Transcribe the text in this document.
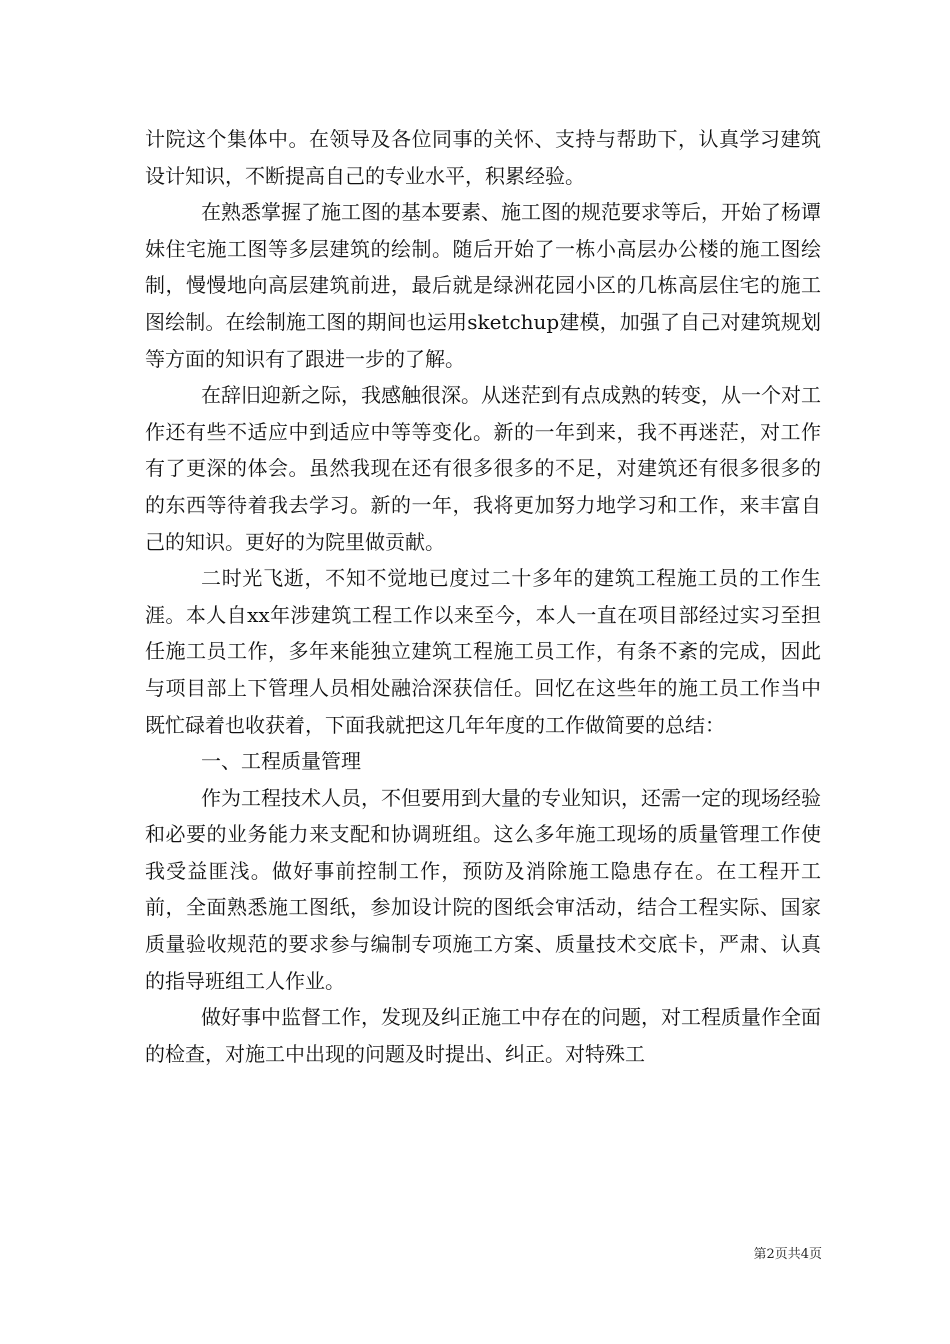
计院这个集体中。在领导及各位同事的关怀、支持与帮助下，认真学习建筑设计知识，不断提高自己的专业水平，积累经验。

在熟悉掌握了施工图的基本要素、施工图的规范要求等后，开始了杨谭妹住宅施工图等多层建筑的绘制。随后开始了一栋小高层办公楼的施工图绘制，慢慢地向高层建筑前进，最后就是绿洲花园小区的几栋高层住宅的施工图绘制。在绘制施工图的期间也运用sketchup建模，加强了自己对建筑规划等方面的知识有了跟进一步的了解。

在辞旧迎新之际，我感触很深。从迷茫到有点成熟的转变，从一个对工作还有些不适应中到适应中等等变化。新的一年到来，我不再迷茫，对工作有了更深的体会。虽然我现在还有很多很多的不足，对建筑还有很多很多的的东西等待着我去学习。新的一年，我将更加努力地学习和工作，来丰富自己的知识。更好的为院里做贡献。

二时光飞逝，不知不觉地已度过二十多年的建筑工程施工员的工作生涯。本人自xx年涉建筑工程工作以来至今，本人一直在项目部经过实习至担任施工员工作，多年来能独立建筑工程施工员工作，有条不紊的完成，因此与项目部上下管理人员相处融洽深获信任。回忆在这些年的施工员工作当中既忙碌着也收获着，下面我就把这几年年度的工作做简要的总结：

一、工程质量管理

作为工程技术人员，不但要用到大量的专业知识，还需一定的现场经验和必要的业务能力来支配和协调班组。这么多年施工现场的质量管理工作使我受益匪浅。做好事前控制工作，预防及消除施工隐患存在。在工程开工前，全面熟悉施工图纸，参加设计院的图纸会审活动，结合工程实际、国家质量验收规范的要求参与编制专项施工方案、质量技术交底卡，严肃、认真的指导班组工人作业。

做好事中监督工作，发现及纠正施工中存在的问题，对工程质量作全面的检查，对施工中出现的问题及时提出、纠正。对特殊工

第2页共4页
